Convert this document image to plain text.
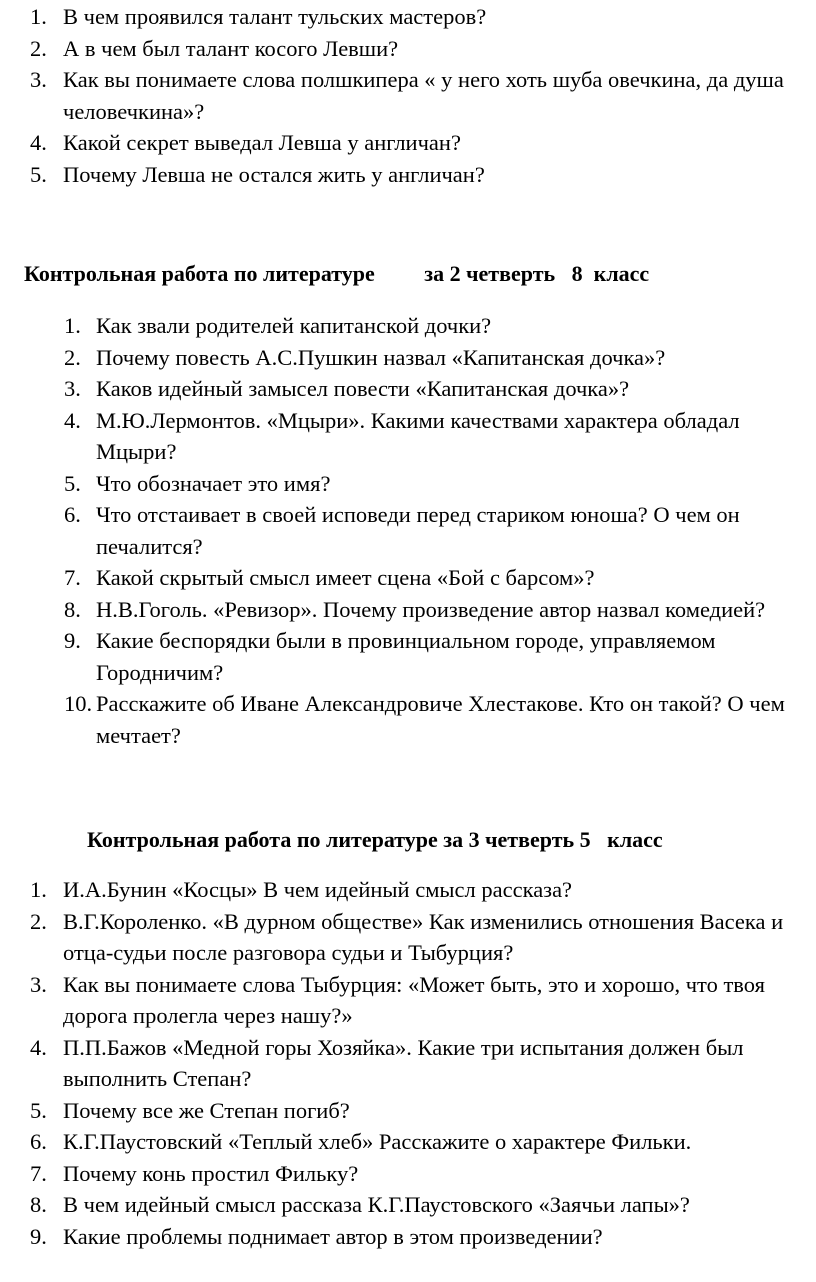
1. В чем проявился талант тульских мастеров?
2. А в чем был талант косого Левши?
3. Как вы понимаете слова полшкипера « у него хоть шуба овечкина, да душа человечкина»?
4. Какой секрет выведал Левша у англичан?
5. Почему Левша не остался жить у англичан?
Контрольная работа по литературе         за 2 четверть   8  класс
1. Как звали родителей капитанской дочки?
2. Почему повесть А.С.Пушкин назвал «Капитанская дочка»?
3. Каков идейный замысел повести «Капитанская дочка»?
4. М.Ю.Лермонтов. «Мцыри». Какими качествами характера обладал Мцыри?
5. Что обозначает это имя?
6. Что отстаивает в своей исповеди перед стариком юноша? О чем он печалится?
7. Какой скрытый смысл имеет сцена «Бой с барсом»?
8. Н.В.Гоголь. «Ревизор». Почему произведение автор назвал комедией?
9. Какие беспорядки были в провинциальном городе, управляемом Городничим?
10. Расскажите об Иване Александровиче Хлестакове. Кто он такой? О чем мечтает?
Контрольная работа по литературе за 3 четверть 5   класс
1. И.А.Бунин «Косцы» В чем идейный смысл рассказа?
2. В.Г.Короленко. «В дурном обществе» Как изменились отношения Васека и отца-судьи после разговора судьи и Тыбурция?
3. Как вы понимаете слова Тыбурция: «Может быть, это и хорошо, что твоя дорога пролегла через нашу?»
4. П.П.Бажов «Медной горы Хозяйка». Какие три испытания должен был выполнить Степан?
5. Почему все же Степан погиб?
6. К.Г.Паустовский «Теплый хлеб» Расскажите о характере Фильки.
7. Почему конь простил Фильку?
8. В чем идейный смысл рассказа К.Г.Паустовского «Заячьи лапы»?
9. Какие проблемы поднимает автор в этом произведении?
